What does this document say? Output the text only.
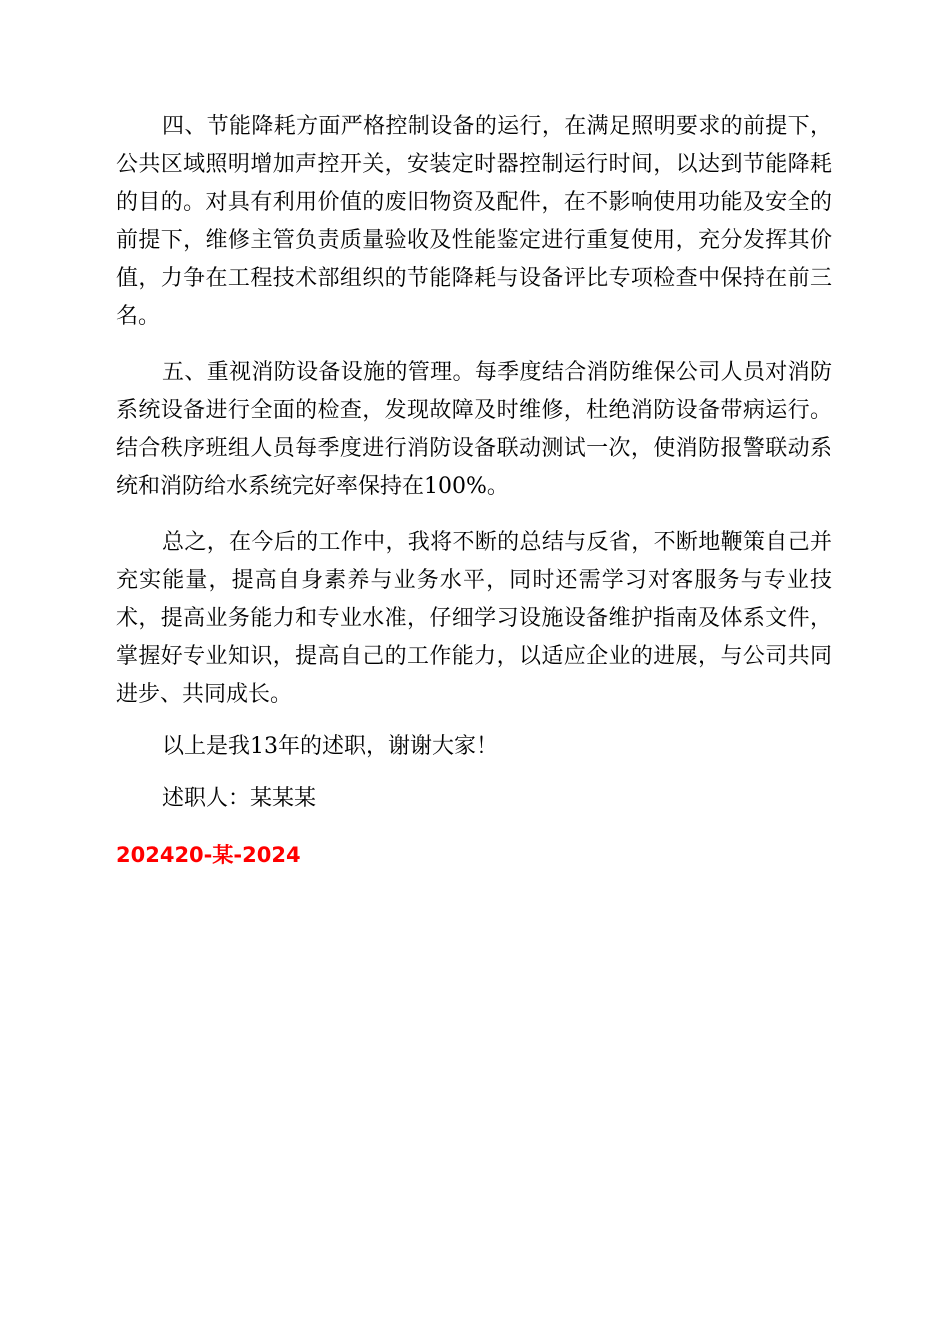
四、节能降耗方面严格控制设备的运行，在满足照明要求的前提下，公共区域照明增加声控开关，安装定时器控制运行时间，以达到节能降耗的目的。对具有利用价值的废旧物资及配件，在不影响使用功能及安全的前提下，维修主管负责质量验收及性能鉴定进行重复使用，充分发挥其价值，力争在工程技术部组织的节能降耗与设备评比专项检查中保持在前三名。

五、重视消防设备设施的管理。每季度结合消防维保公司人员对消防系统设备进行全面的检查，发现故障及时维修，杜绝消防设备带病运行。结合秩序班组人员每季度进行消防设备联动测试一次，使消防报警联动系统和消防给水系统完好率保持在100%。

总之，在今后的工作中，我将不断的总结与反省，不断地鞭策自己并充实能量，提高自身素养与业务水平，同时还需学习对客服务与专业技术，提高业务能力和专业水准，仔细学习设施设备维护指南及体系文件，掌握好专业知识，提高自己的工作能力，以适应企业的进展，与公司共同进步、共同成长。

以上是我13年的述职，谢谢大家！

述职人：某某某

202420-某-2024
